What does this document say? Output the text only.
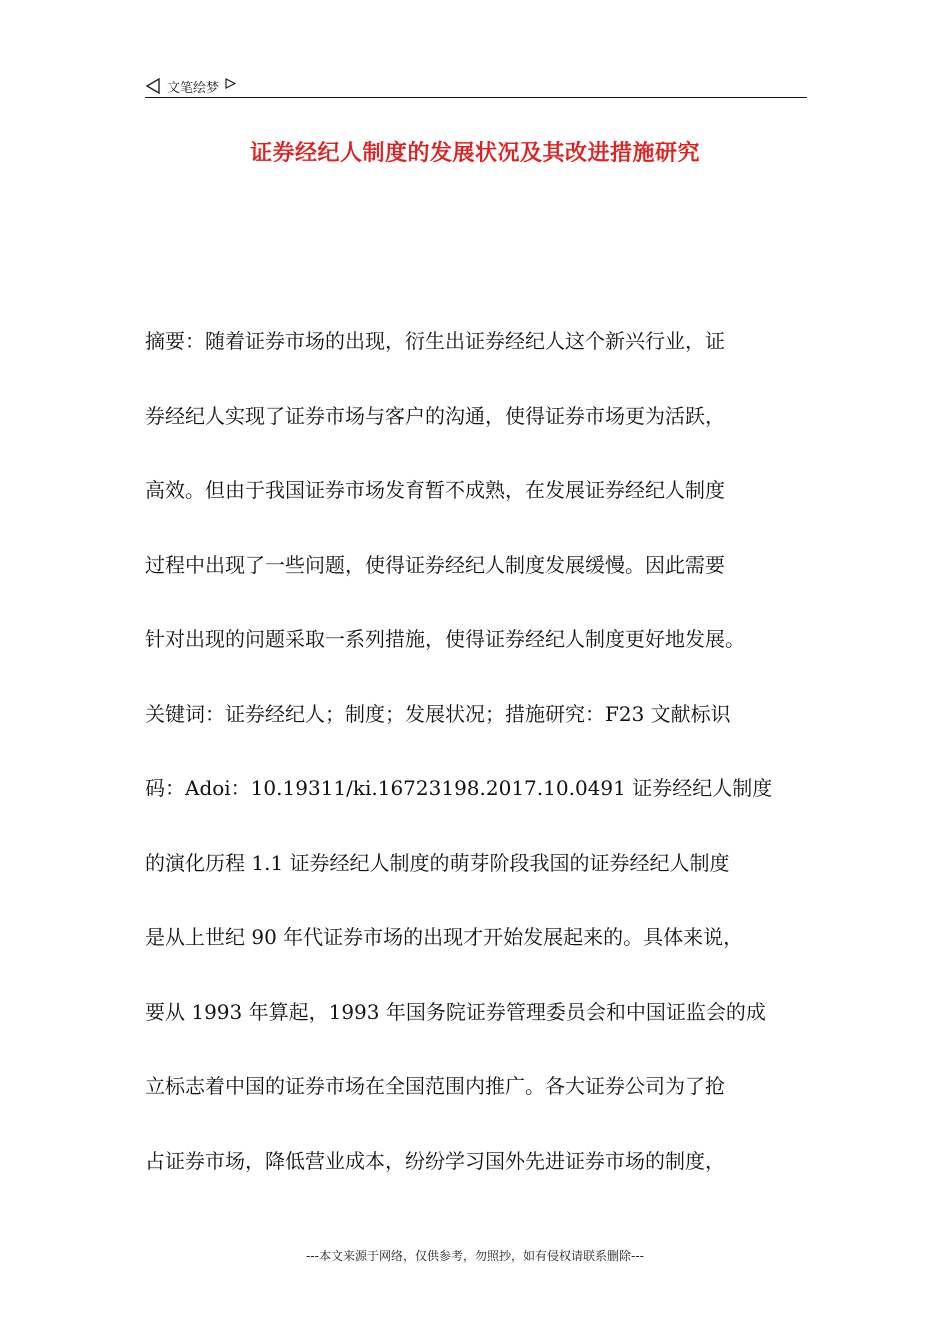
文笔绘梦
证券经纪人制度的发展状况及其改进措施研究
摘要：随着证券市场的出现，衍生出证券经纪人这个新兴行业，证
券经纪人实现了证券市场与客户的沟通，使得证券市场更为活跃，
高效。但由于我国证券市场发育暂不成熟，在发展证券经纪人制度
过程中出现了一些问题，使得证券经纪人制度发展缓慢。因此需要
针对出现的问题采取一系列措施，使得证券经纪人制度更好地发展。
关键词：证券经纪人；制度；发展状况；措施研究：F23 文献标识
码：Adoi：10.19311/ki.16723198.2017.10.0491 证券经纪人制度
的演化历程 1.1 证券经纪人制度的萌芽阶段我国的证券经纪人制度
是从上世纪 90 年代证券市场的出现才开始发展起来的。具体来说，
要从 1993 年算起，1993 年国务院证券管理委员会和中国证监会的成
立标志着中国的证券市场在全国范围内推广。各大证券公司为了抢
占证券市场，降低营业成本，纷纷学习国外先进证券市场的制度，
---本文来源于网络，仅供参考，勿照抄，如有侵权请联系删除---
